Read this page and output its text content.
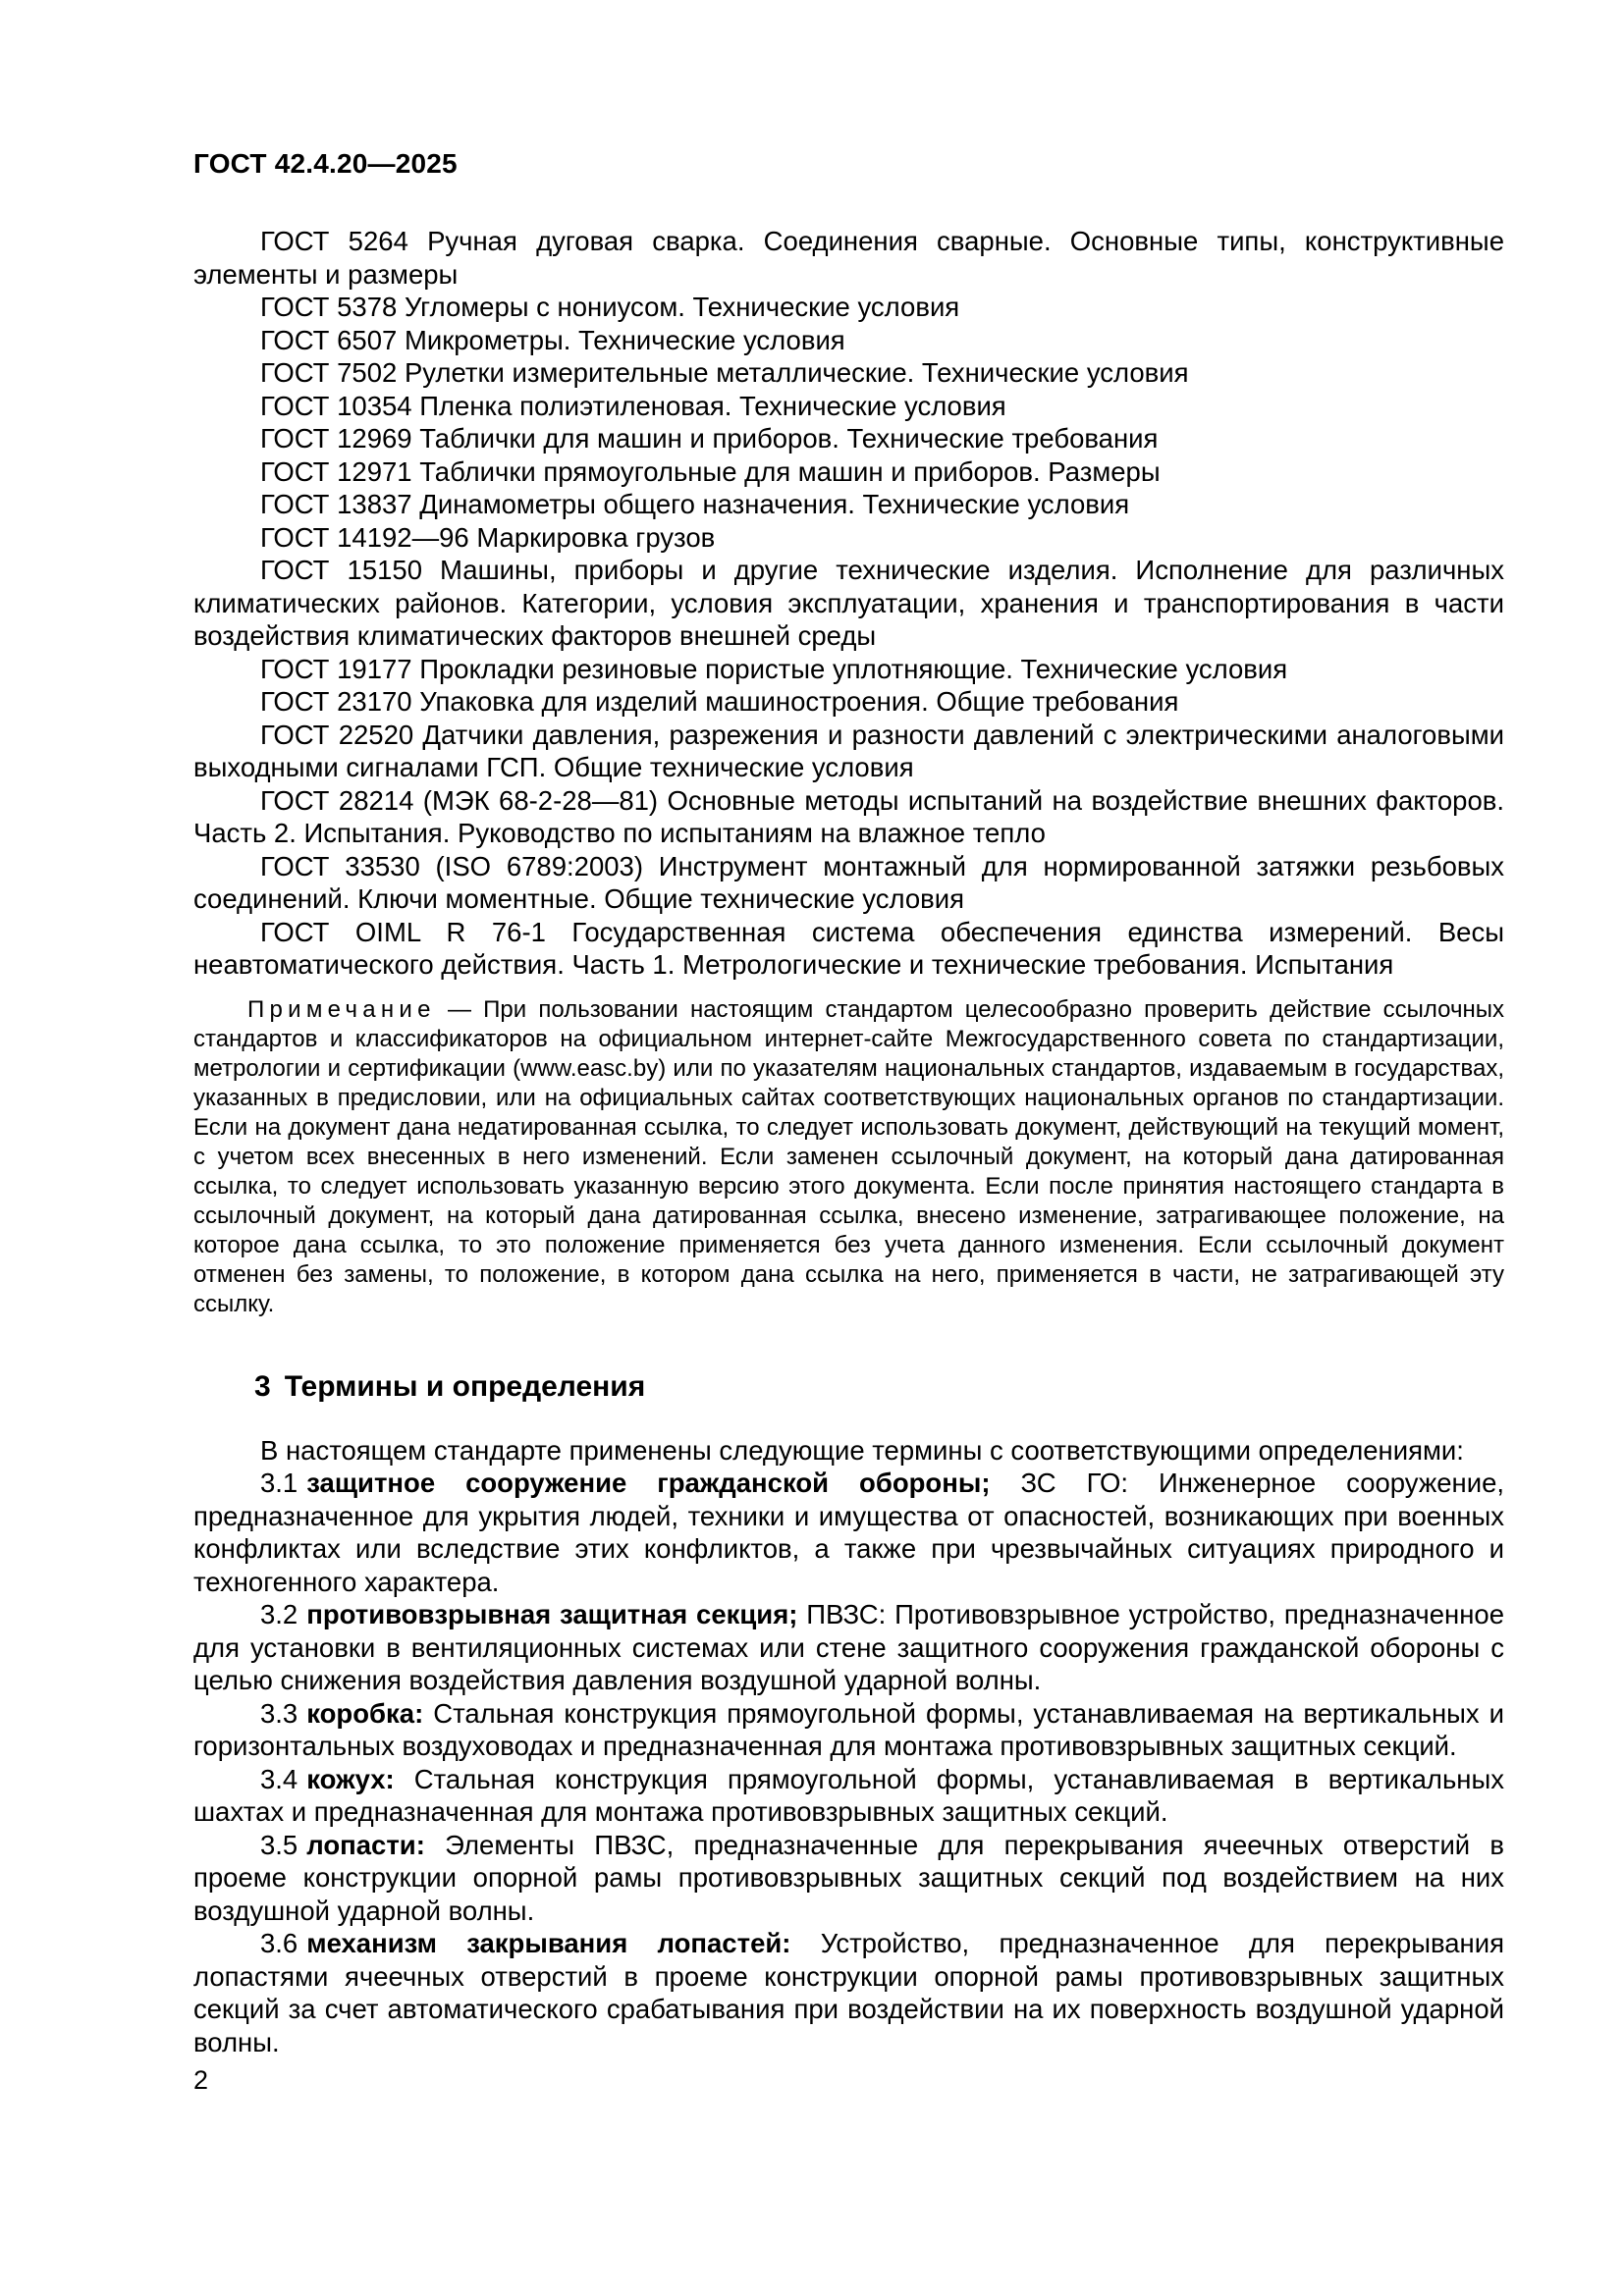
ГОСТ 42.4.20—2025

ГОСТ 5264 Ручная дуговая сварка. Соединения сварные. Основные типы, конструктивные элементы и размеры

ГОСТ 5378 Угломеры с нониусом. Технические условия

ГОСТ 6507 Микрометры. Технические условия

ГОСТ 7502 Рулетки измерительные металлические. Технические условия

ГОСТ 10354 Пленка полиэтиленовая. Технические условия

ГОСТ 12969 Таблички для машин и приборов. Технические требования

ГОСТ 12971 Таблички прямоугольные для машин и приборов. Размеры

ГОСТ 13837 Динамометры общего назначения. Технические условия

ГОСТ 14192—96 Маркировка грузов

ГОСТ 15150 Машины, приборы и другие технические изделия. Исполнение для различных климатических районов. Категории, условия эксплуатации, хранения и транспортирования в части воздействия климатических факторов внешней среды

ГОСТ 19177 Прокладки резиновые пористые уплотняющие. Технические условия

ГОСТ 23170 Упаковка для изделий машиностроения. Общие требования

ГОСТ 22520 Датчики давления, разрежения и разности давлений с электрическими аналоговыми выходными сигналами ГСП. Общие технические условия

ГОСТ 28214 (МЭК 68-2-28—81) Основные методы испытаний на воздействие внешних факторов. Часть 2. Испытания. Руководство по испытаниям на влажное тепло

ГОСТ 33530 (ISO 6789:2003) Инструмент монтажный для нормированной затяжки резьбовых соединений. Ключи моментные. Общие технические условия

ГОСТ OIML R 76-1 Государственная система обеспечения единства измерений. Весы неавтоматического действия. Часть 1. Метрологические и технические требования. Испытания

Примечание — При пользовании настоящим стандартом целесообразно проверить действие ссылочных стандартов и классификаторов на официальном интернет-сайте Межгосударственного совета по стандартизации, метрологии и сертификации (www.easc.by) или по указателям национальных стандартов, издаваемым в государствах, указанных в предисловии, или на официальных сайтах соответствующих национальных органов по стандартизации. Если на документ дана недатированная ссылка, то следует использовать документ, действующий на текущий момент, с учетом всех внесенных в него изменений. Если заменен ссылочный документ, на который дана датированная ссылка, то следует использовать указанную версию этого документа. Если после принятия настоящего стандарта в ссылочный документ, на который дана датированная ссылка, внесено изменение, затрагивающее положение, на которое дана ссылка, то это положение применяется без учета данного изменения. Если ссылочный документ отменен без замены, то положение, в котором дана ссылка на него, применяется в части, не затрагивающей эту ссылку.

3 Термины и определения

В настоящем стандарте применены следующие термины с соответствующими определениями:

3.1 защитное сооружение гражданской обороны; ЗС ГО: Инженерное сооружение, предназначенное для укрытия людей, техники и имущества от опасностей, возникающих при военных конфликтах или вследствие этих конфликтов, а также при чрезвычайных ситуациях природного и техногенного характера.

3.2 противовзрывная защитная секция; ПВЗС: Противовзрывное устройство, предназначенное для установки в вентиляционных системах или стене защитного сооружения гражданской обороны с целью снижения воздействия давления воздушной ударной волны.

3.3 коробка: Стальная конструкция прямоугольной формы, устанавливаемая на вертикальных и горизонтальных воздуховодах и предназначенная для монтажа противовзрывных защитных секций.

3.4 кожух: Стальная конструкция прямоугольной формы, устанавливаемая в вертикальных шахтах и предназначенная для монтажа противовзрывных защитных секций.

3.5 лопасти: Элементы ПВЗС, предназначенные для перекрывания ячеечных отверстий в проеме конструкции опорной рамы противовзрывных защитных секций под воздействием на них воздушной ударной волны.

3.6 механизм закрывания лопастей: Устройство, предназначенное для перекрывания лопастями ячеечных отверстий в проеме конструкции опорной рамы противовзрывных защитных секций за счет автоматического срабатывания при воздействии на их поверхность воздушной ударной волны.

2
